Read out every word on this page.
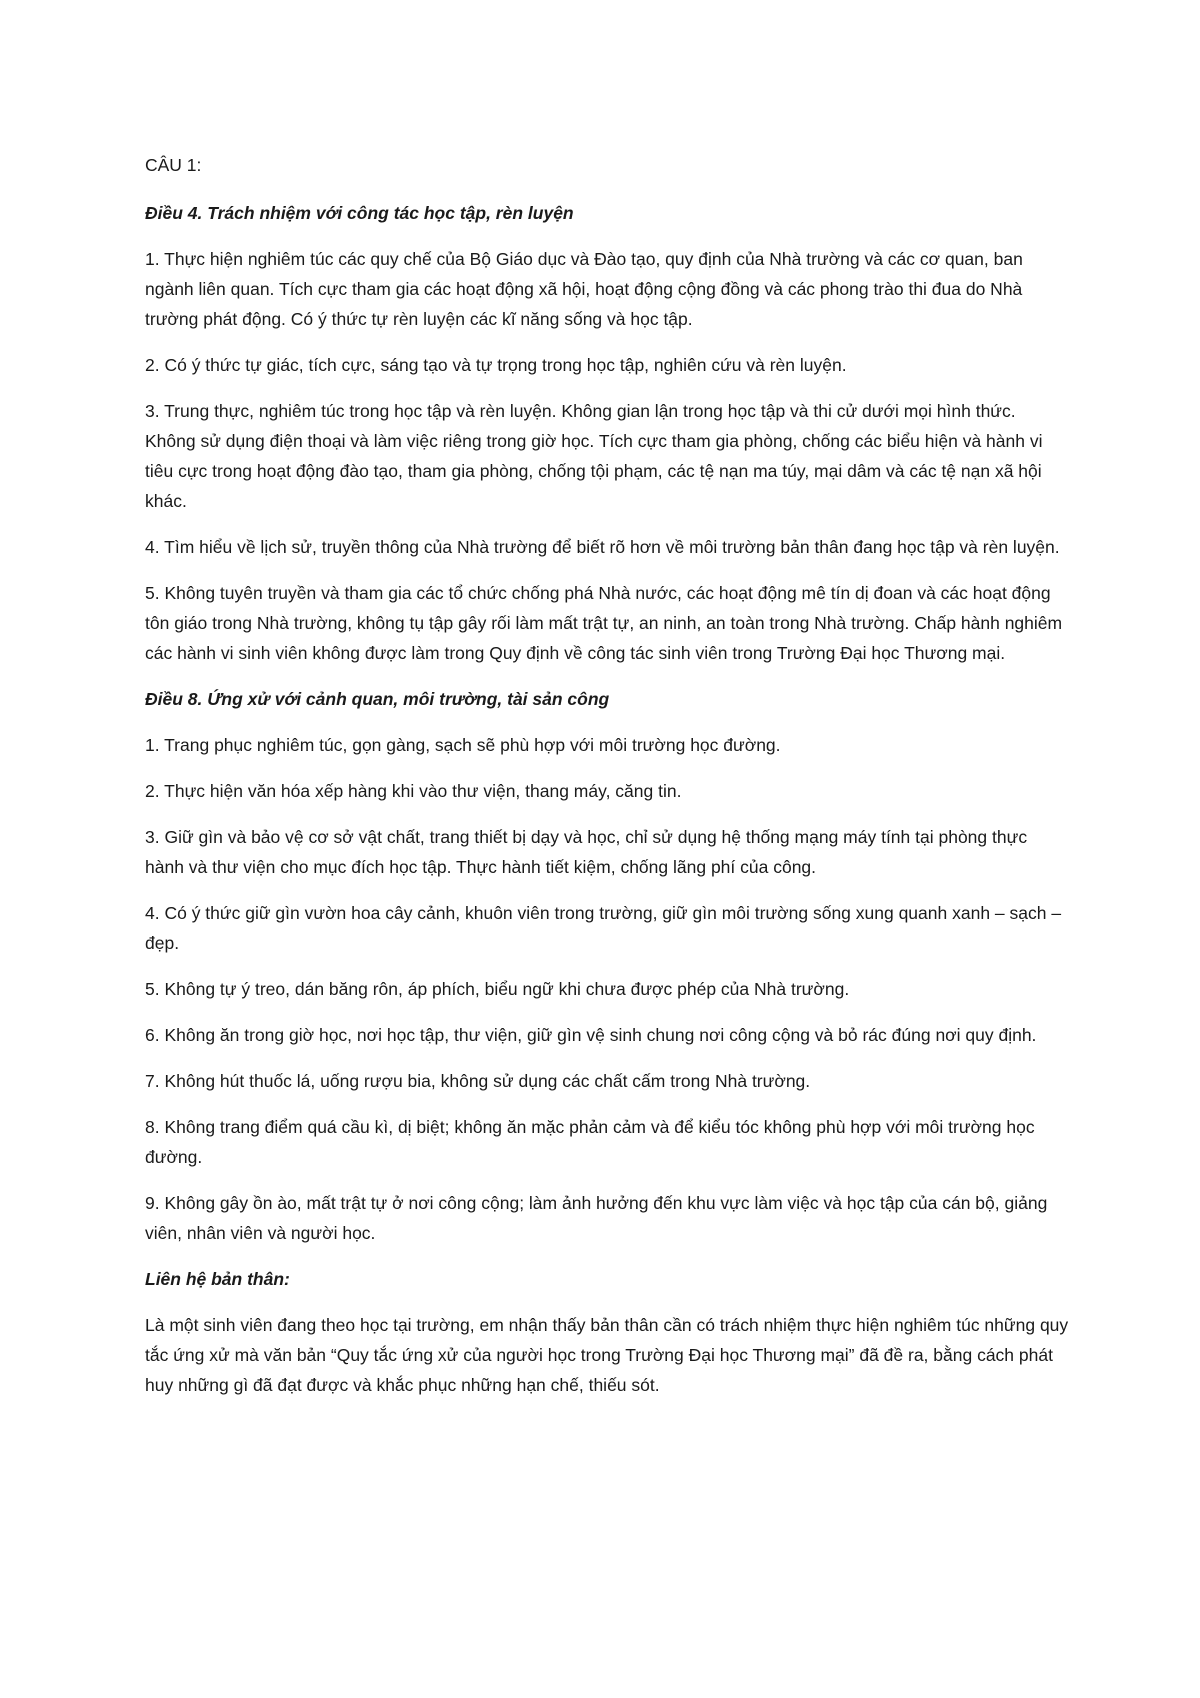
CÂU 1:

Điều 4. Trách nhiệm với công tác học tập, rèn luyện

1. Thực hiện nghiêm túc các quy chế của Bộ Giáo dục và Đào tạo, quy định của Nhà trường và các cơ quan, ban ngành liên quan. Tích cực tham gia các hoạt động xã hội, hoạt động cộng đồng và các phong trào thi đua do Nhà trường phát động. Có ý thức tự rèn luyện các kĩ năng sống và học tập.

2. Có ý thức tự giác, tích cực, sáng tạo và tự trọng trong học tập, nghiên cứu và rèn luyện.

3. Trung thực, nghiêm túc trong học tập và rèn luyện. Không gian lận trong học tập và thi cử dưới mọi hình thức. Không sử dụng điện thoại và làm việc riêng trong giờ học. Tích cực tham gia phòng, chống các biểu hiện và hành vi tiêu cực trong hoạt động đào tạo, tham gia phòng, chống tội phạm, các tệ nạn ma túy, mại dâm và các tệ nạn xã hội khác.

4. Tìm hiểu về lịch sử, truyền thông của Nhà trường để biết rõ hơn về môi trường bản thân đang học tập và rèn luyện.

5. Không tuyên truyền và tham gia các tổ chức chống phá Nhà nước, các hoạt động mê tín dị đoan và các hoạt động tôn giáo trong Nhà trường, không tụ tập gây rối làm mất trật tự, an ninh, an toàn trong Nhà trường. Chấp hành nghiêm các hành vi sinh viên không được làm trong Quy định về công tác sinh viên trong Trường Đại học Thương mại.

Điều 8. Ứng xử với cảnh quan, môi trường, tài sản công

1. Trang phục nghiêm túc, gọn gàng, sạch sẽ phù hợp với môi trường học đường.

2. Thực hiện văn hóa xếp hàng khi vào thư viện, thang máy, căng tin.

3. Giữ gìn và bảo vệ cơ sở vật chất, trang thiết bị dạy và học, chỉ sử dụng hệ thống mạng máy tính tại phòng thực hành và thư viện cho mục đích học tập. Thực hành tiết kiệm, chống lãng phí của công.

4. Có ý thức giữ gìn vườn hoa cây cảnh, khuôn viên trong trường, giữ gìn môi trường sống xung quanh xanh – sạch – đẹp.

5. Không tự ý treo, dán băng rôn, áp phích, biểu ngữ khi chưa được phép của Nhà trường.

6. Không ăn trong giờ học, nơi học tập, thư viện, giữ gìn vệ sinh chung nơi công cộng và bỏ rác đúng nơi quy định.

7. Không hút thuốc lá, uống rượu bia, không sử dụng các chất cấm trong Nhà trường.

8. Không trang điểm quá cầu kì, dị biệt; không ăn mặc phản cảm và để kiểu tóc không phù hợp với môi trường học đường.

9. Không gây ồn ào, mất trật tự ở nơi công cộng; làm ảnh hưởng đến khu vực làm việc và học tập của cán bộ, giảng viên, nhân viên và người học.

Liên hệ bản thân:

Là một sinh viên đang theo học tại trường, em nhận thấy bản thân cần có trách nhiệm thực hiện nghiêm túc những quy tắc ứng xử mà văn bản “Quy tắc ứng xử của người học trong Trường Đại học Thương mại” đã đề ra, bằng cách phát huy những gì đã đạt được và khắc phục những hạn chế, thiếu sót.
